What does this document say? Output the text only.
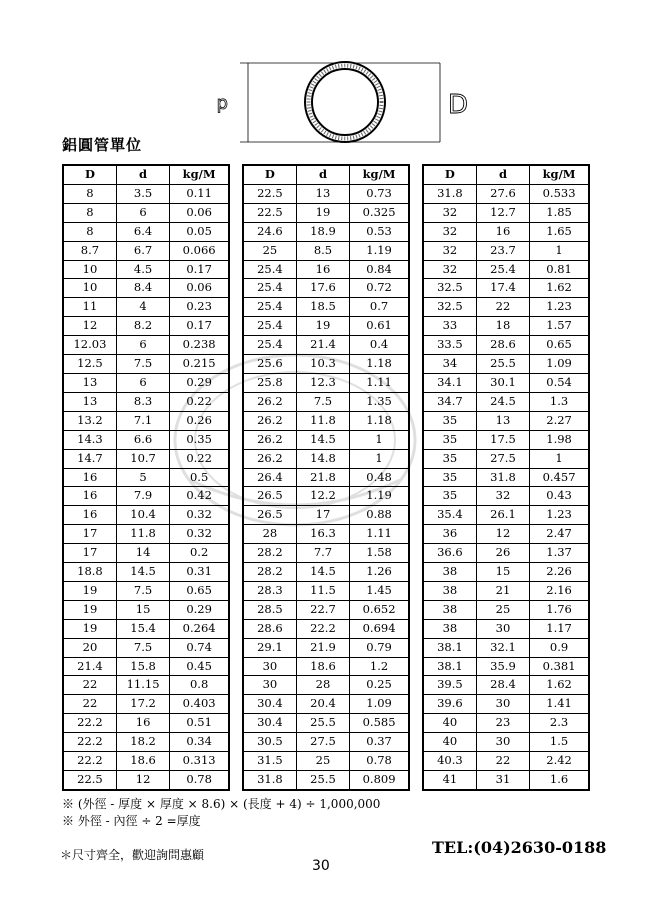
d	D
鋁圓管單位
D	d	kg/M
8	3.5	0.11
8	6	0.06
8	6.4	0.05
8.7	6.7	0.066
10	4.5	0.17
10	8.4	0.06
11	4	0.23
12	8.2	0.17
12.03	6	0.238
12.5	7.5	0.215
13	6	0.29
13	8.3	0.22
13.2	7.1	0.26
14.3	6.6	0.35
14.7	10.7	0.22
16	5	0.5
16	7.9	0.42
16	10.4	0.32
17	11.8	0.32
17	14	0.2
18.8	14.5	0.31
19	7.5	0.65
19	15	0.29
19	15.4	0.264
20	7.5	0.74
21.4	15.8	0.45
22	11.15	0.8
22	17.2	0.403
22.2	16	0.51
22.2	18.2	0.34
22.2	18.6	0.313
22.5	12	0.78
D	d	kg/M
22.5	13	0.73
22.5	19	0.325
24.6	18.9	0.53
25	8.5	1.19
25.4	16	0.84
25.4	17.6	0.72
25.4	18.5	0.7
25.4	19	0.61
25.4	21.4	0.4
25.6	10.3	1.18
25.8	12.3	1.11
26.2	7.5	1.35
26.2	11.8	1.18
26.2	14.5	1
26.2	14.8	1
26.4	21.8	0.48
26.5	12.2	1.19
26.5	17	0.88
28	16.3	1.11
28.2	7.7	1.58
28.2	14.5	1.26
28.3	11.5	1.45
28.5	22.7	0.652
28.6	22.2	0.694
29.1	21.9	0.79
30	18.6	1.2
30	28	0.25
30.4	20.4	1.09
30.4	25.5	0.585
30.5	27.5	0.37
31.5	25	0.78
31.8	25.5	0.809
D	d	kg/M
31.8	27.6	0.533
32	12.7	1.85
32	16	1.65
32	23.7	1
32	25.4	0.81
32.5	17.4	1.62
32.5	22	1.23
33	18	1.57
33.5	28.6	0.65
34	25.5	1.09
34.1	30.1	0.54
34.7	24.5	1.3
35	13	2.27
35	17.5	1.98
35	27.5	1
35	31.8	0.457
35	32	0.43
35.4	26.1	1.23
36	12	2.47
36.6	26	1.37
38	15	2.26
38	21	2.16
38	25	1.76
38	30	1.17
38.1	32.1	0.9
38.1	35.9	0.381
39.5	28.4	1.62
39.6	30	1.41
40	23	2.3
40	30	1.5
40.3	22	2.42
41	31	1.6
※ (外徑 - 厚度 × 厚度 × 8.6) × (長度 + 4) ÷ 1,000,000
※ 外徑 - 內徑 ÷ 2 =厚度
＊尺寸齊全，歡迎詢問惠顧	TEL:(04)2630-0188
30
